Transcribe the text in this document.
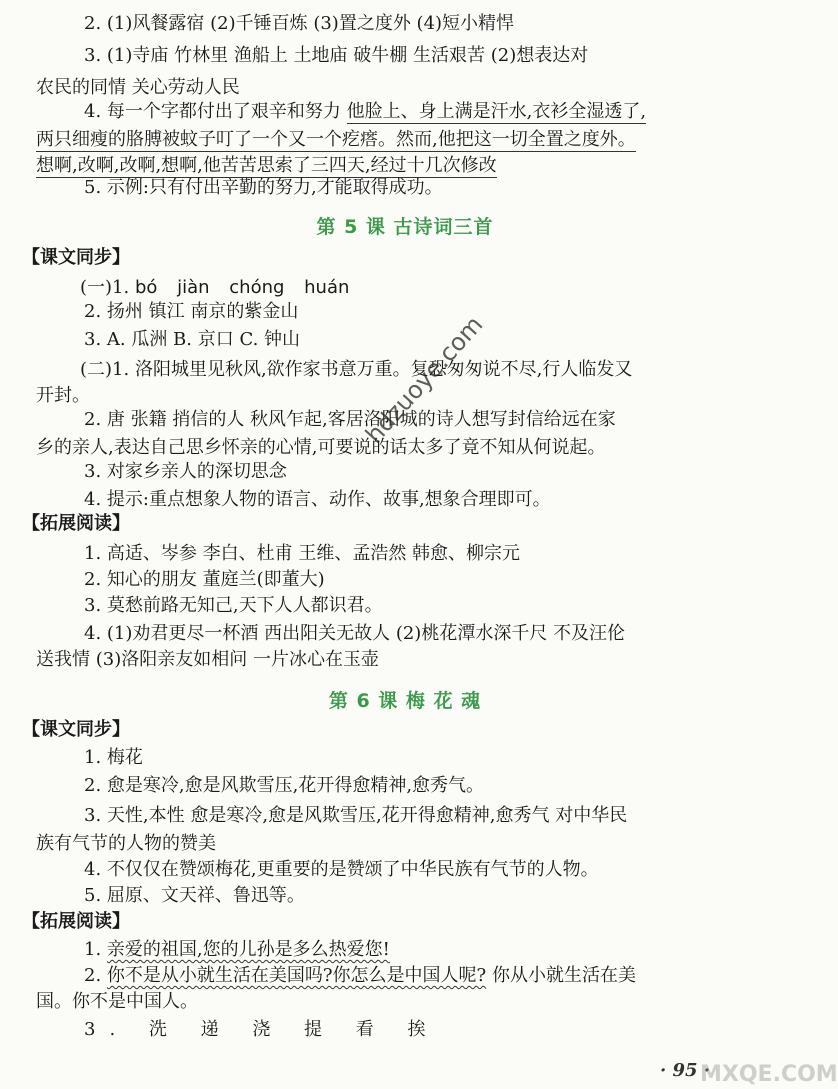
2. (1)风餐露宿 (2)千锤百炼 (3)置之度外 (4)短小精悍
3. (1)寺庙 竹林里 渔船上 土地庙 破牛棚 生活艰苦 (2)想表达对
农民的同情 关心劳动人民
4. 每一个字都付出了艰辛和努力 他脸上、身上满是汗水,衣衫全湿透了,
两只细瘦的胳膊被蚊子叮了一个又一个疙瘩。然而,他把这一切全置之度外。
想啊,改啊,改啊,想啊,他苦苦思索了三四天,经过十几次修改
5. 示例:只有付出辛勤的努力,才能取得成功。
第 5 课 古诗词三首
【课文同步】
(一)1. bó jiàn chóng huán
2. 扬州 镇江 南京的紫金山
3. A. 瓜洲 B. 京口 C. 钟山
(二)1. 洛阳城里见秋风,欲作家书意万重。复恐匆匆说不尽,行人临发又
开封。
2. 唐 张籍 捎信的人 秋风乍起,客居洛阳城的诗人想写封信给远在家
乡的亲人,表达自己思乡怀亲的心情,可要说的话太多了竟不知从何说起。
3. 对家乡亲人的深切思念
4. 提示:重点想象人物的语言、动作、故事,想象合理即可。
【拓展阅读】
1. 高适、岑参 李白、杜甫 王维、孟浩然 韩愈、柳宗元
2. 知心的朋友 董庭兰(即董大)
3. 莫愁前路无知己,天下人人都识君。
4. (1)劝君更尽一杯酒 西出阳关无故人 (2)桃花潭水深千尺 不及汪伦
送我情 (3)洛阳亲友如相问 一片冰心在玉壶
第 6 课 梅 花 魂
【课文同步】
1. 梅花
2. 愈是寒冷,愈是风欺雪压,花开得愈精神,愈秀气。
3. 天性,本性 愈是寒冷,愈是风欺雪压,花开得愈精神,愈秀气 对中华民
族有气节的人物的赞美
4. 不仅仅在赞颂梅花,更重要的是赞颂了中华民族有气节的人物。
5. 屈原、文天祥、鲁迅等。
【拓展阅读】
1. 亲爱的祖国,您的儿孙是多么热爱您!
2. 你不是从小就生活在美国吗?你怎么是中国人呢? 你从小就生活在美
国。你不是中国人。
3. 洗 递 浇 提 看 挨
· 95 ·
hdzuoye.com
MXQE.COM
